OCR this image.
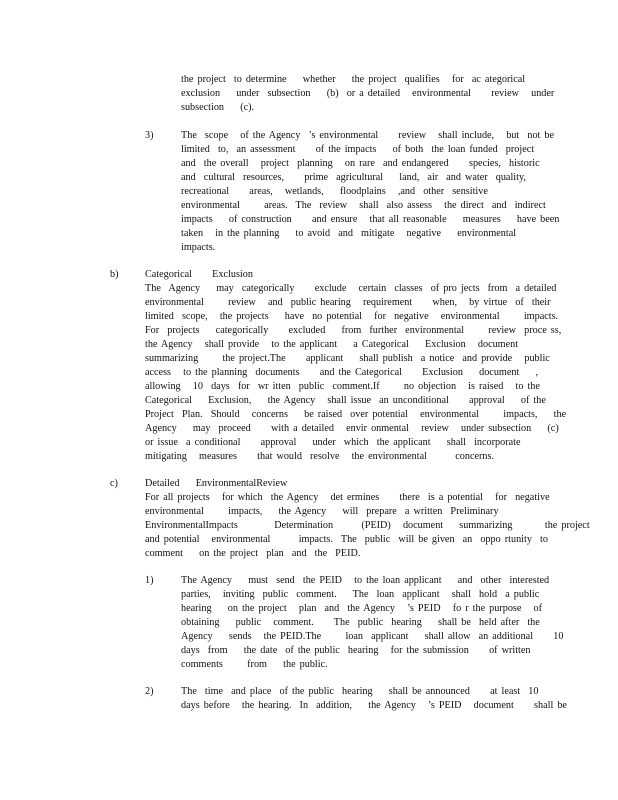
the project  to determine    whether    the project  qualifies   for  ac ategorical
exclusion    under  subsection    (b)  or a detailed   environmental     review   under
subsection    (c).
3)	The  scope   of the Agency  ’s environmental     review   shall include,   but  not be
limited  to,  an assessment     of the impacts    of both  the loan funded  project
and  the overall   project  planning   on rare  and endangered     species,  historic
and  cultural  resources,     prime  agricultural    land,  air  and water  quality,
recreational     areas,   wetlands,    floodplains   ,and  other  sensitive
environmental      areas.  The  review   shall  also assess   the direct  and  indirect
impacts    of construction     and ensure   that all reasonable    measures    have been
taken   in the planning    to avoid  and  mitigate   negative    environmental
impacts.
b)	Categorical     Exclusion
The  Agency    may  categorically     exclude   certain  classes  of pro jects  from  a detailed
environmental      review   and  public hearing   requirement     when,   by virtue  of  their
limited  scope,   the projects    have  no potential   for  negative   environmental      impacts.
For  projects    categorically     excluded    from  further  environmental      review  proce ss,
the Agency   shall provide   to the applicant    a Categorical    Exclusion   document
summarizing      the project.The     applicant    shall publish  a notice  and provide   public
access   to the planning  documents     and the Categorical     Exclusion    document    ,
allowing   10  days  for  wr itten  public  comment.If      no objection   is raised   to the
Categorical    Exclusion,    the Agency   shall issue  an unconditional     approval    of the
Project  Plan.  Should   concerns    be raised  over potential   environmental      impacts,    the
Agency    may  proceed     with a detailed   envir onmental   review   under subsection    (c)
or issue  a conditional     approval    under  which  the applicant    shall  incorporate
mitigating   measures     that would  resolve   the environmental       concerns.
c)	Detailed    EnvironmentalReview
For all projects   for which  the Agency   det ermines     there  is a potential   for  negative
environmental      impacts,    the Agency    will  prepare  a written  Preliminary
EnvironmentalImpacts         Determination       (PEID)   document    summarizing        the project
and potential   environmental       impacts.  The  public  will be given  an  oppo rtunity  to
comment    on the project  plan  and  the  PEID.
1)	The Agency    must  send  the PEID   to the loan applicant    and  other  interested
parties,   inviting  public  comment.    The  loan  applicant   shall  hold  a public
hearing    on the project   plan  and  the Agency   ’s PEID   fo r the purpose   of
obtaining    public   comment.     The  public  hearing    shall be  held after  the
Agency    sends   the PEID.The      loan  applicant    shall allow  an additional     10
days  from    the date  of the public  hearing   for the submission     of written
comments      from    the public.
2)	The  time  and place  of the public  hearing    shall be announced     at least  10
days before   the hearing.  In  addition,    the Agency   ’s PEID   document     shall be
